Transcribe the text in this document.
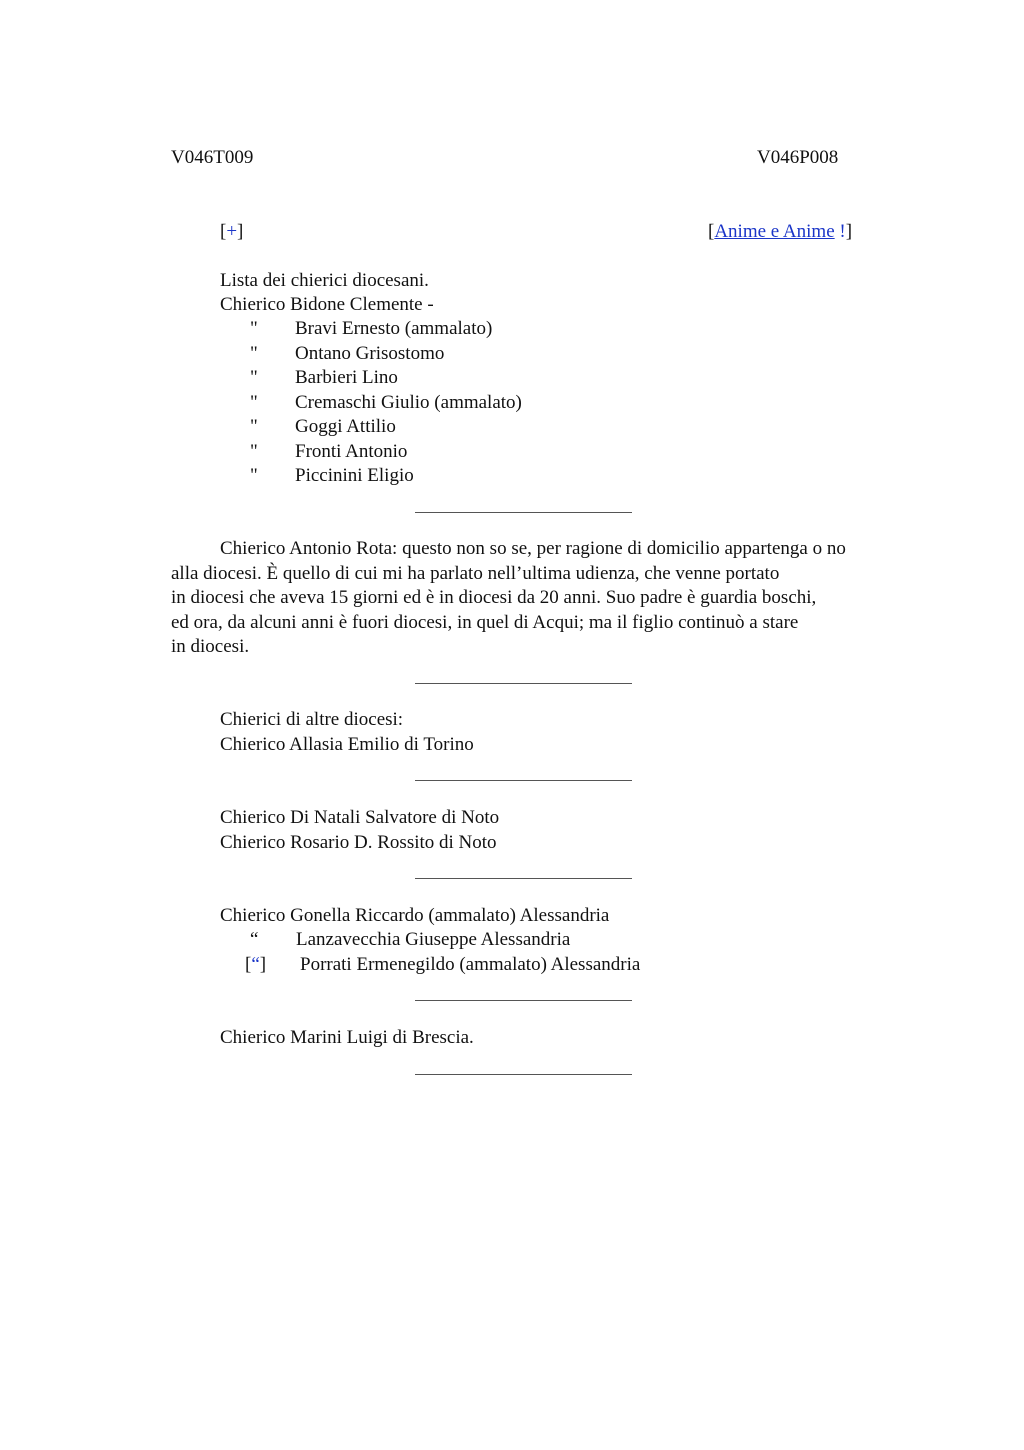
V046T009	V046P008
[+]	[Anime e Anime !]
Lista dei chierici diocesani.
Chierico Bidone Clemente -
" Bravi Ernesto (ammalato)
" Ontano Grisostomo
" Barbieri Lino
" Cremaschi Giulio (ammalato)
" Goggi Attilio
" Fronti Antonio
" Piccinini Eligio
Chierico Antonio Rota: questo non so se, per ragione di domicilio appartenga o no
alla diocesi. È quello di cui mi ha parlato nell’ultima udienza, che venne portato
in diocesi che aveva 15 giorni ed è in diocesi da 20 anni. Suo padre è guardia boschi,
ed ora, da alcuni anni è fuori diocesi, in quel di Acqui; ma il figlio continuò a stare
in diocesi.
Chierici di altre diocesi:
Chierico Allasia Emilio di Torino
Chierico Di Natali Salvatore di Noto
Chierico Rosario D. Rossito di Noto
Chierico Gonella Riccardo (ammalato) Alessandria
“ Lanzavecchia Giuseppe Alessandria
[“] Porrati Ermenegildo (ammalato) Alessandria
Chierico Marini Luigi di Brescia.
